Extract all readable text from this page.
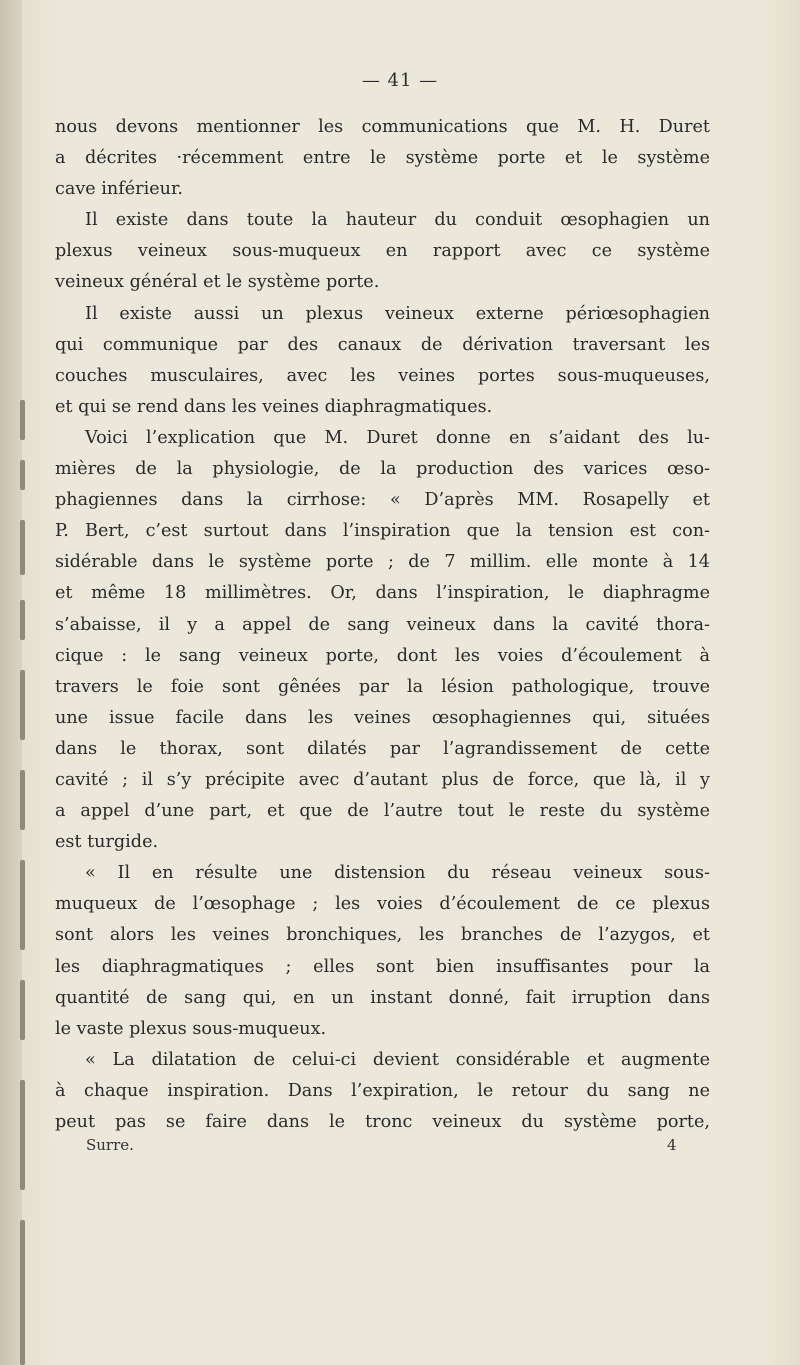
— 41 —
nous devons mentionner les communications que M. H. Duret
a décrites ·récemment entre le système porte et le système
cave inférieur.
Il existe dans toute la hauteur du conduit œsophagien un
plexus veineux sous-muqueux en rapport avec ce système
veineux général et le système porte.
Il existe aussi un plexus veineux externe périœsophagien
qui communique par des canaux de dérivation traversant les
couches musculaires, avec les veines portes sous-muqueuses,
et qui se rend dans les veines diaphragmatiques.
Voici l’explication que M. Duret donne en s’aidant des lu-
mières de la physiologie, de la production des varices œso-
phagiennes dans la cirrhose: « D’après MM. Rosapelly et
P. Bert, c’est surtout dans l’inspiration que la tension est con-
sidérable dans le système porte ; de 7 millim. elle monte à 14
et même 18 millimètres. Or, dans l’inspiration, le diaphragme
s’abaisse, il y a appel de sang veineux dans la cavité thora-
cique : le sang veineux porte, dont les voies d’écoulement à
travers le foie sont gênées par la lésion pathologique, trouve
une issue facile dans les veines œsophagiennes qui, situées
dans le thorax, sont dilatés par l’agrandissement de cette
cavité ; il s’y précipite avec d’autant plus de force, que là, il y
a appel d’une part, et que de l’autre tout le reste du système
est turgide.
« Il en résulte une distension du réseau veineux sous-
muqueux de l’œsophage ; les voies d’écoulement de ce plexus
sont alors les veines bronchiques, les branches de l’azygos, et
les diaphragmatiques ; elles sont bien insuffisantes pour la
quantité de sang qui, en un instant donné, fait irruption dans
le vaste plexus sous-muqueux.
« La dilatation de celui-ci devient considérable et augmente
à chaque inspiration. Dans l’expiration, le retour du sang ne
peut pas se faire dans le tronc veineux du système porte,
Surre.	4
